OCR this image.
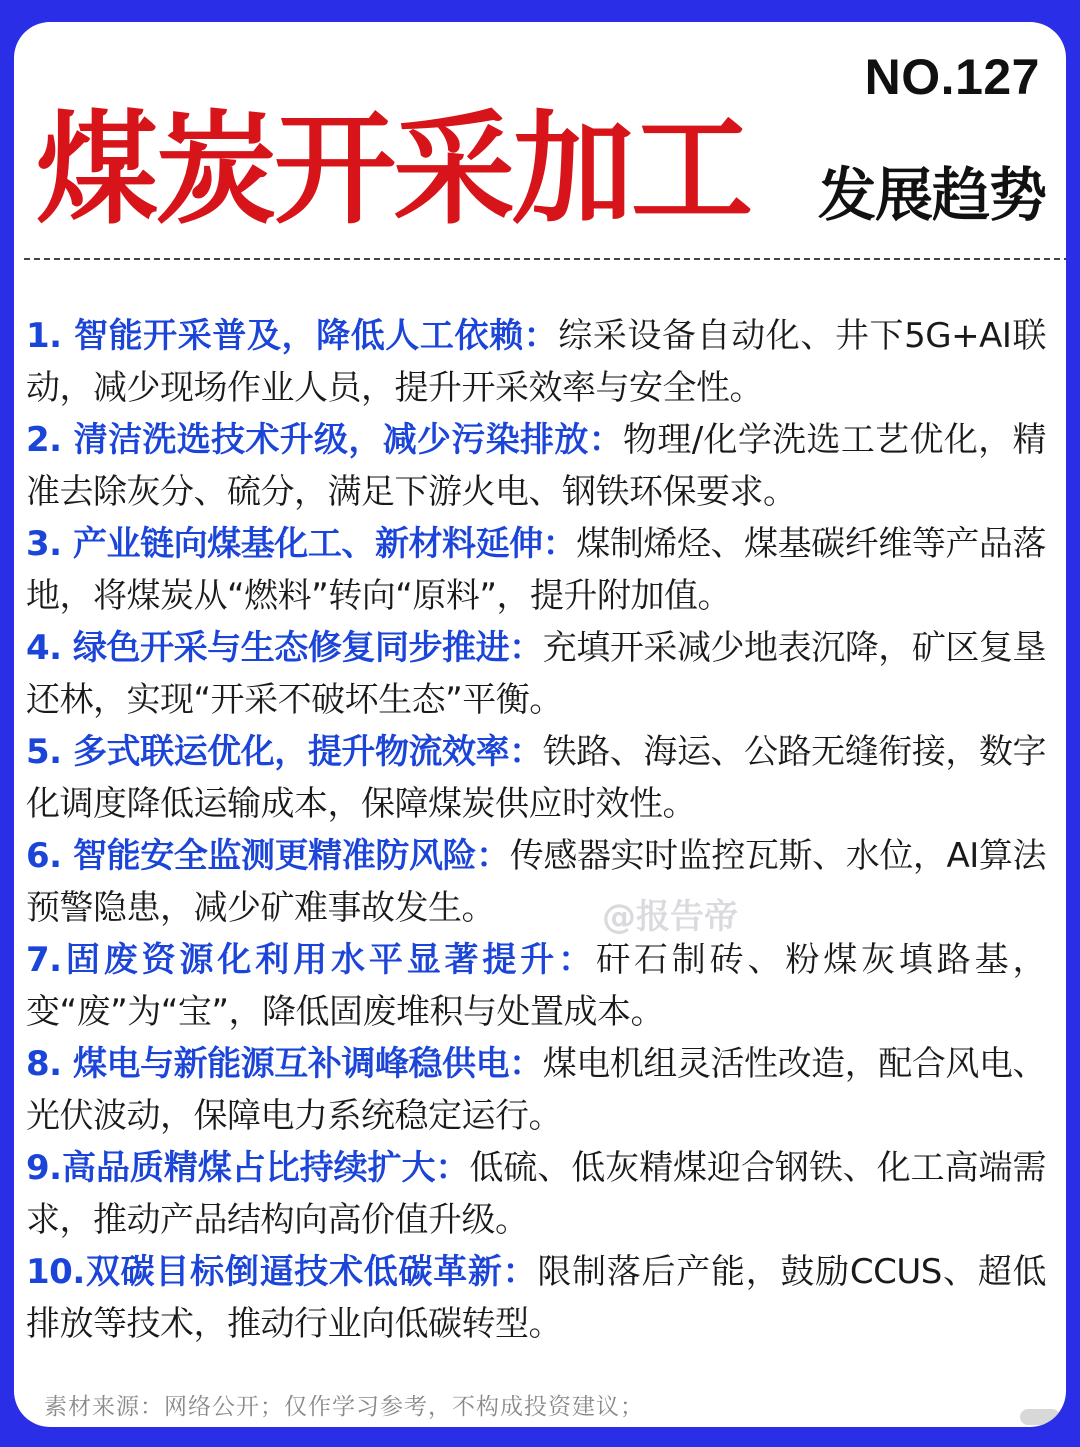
NO.127
煤炭开采加工 发展趋势
1. 智能开采普及，降低人工依赖：综采设备自动化、井下5G+AI联动，减少现场作业人员，提升开采效率与安全性。
2. 清洁洗选技术升级，减少污染排放：物理/化学洗选工艺优化，精准去除灰分、硫分，满足下游火电、钢铁环保要求。
3. 产业链向煤基化工、新材料延伸：煤制烯烃、煤基碳纤维等产品落地，将煤炭从“燃料”转向“原料”，提升附加值。
4. 绿色开采与生态修复同步推进：充填开采减少地表沉降，矿区复垦还林，实现“开采不破坏生态”平衡。
5. 多式联运优化，提升物流效率：铁路、海运、公路无缝衔接，数字化调度降低运输成本，保障煤炭供应时效性。
6. 智能安全监测更精准防风险：传感器实时监控瓦斯、水位，AI算法预警隐患，减少矿难事故发生。
7.固废资源化利用水平显著提升：矸石制砖、粉煤灰填路基，变“废”为“宝”，降低固废堆积与处置成本。
8. 煤电与新能源互补调峰稳供电：煤电机组灵活性改造，配合风电、光伏波动，保障电力系统稳定运行。
9.高品质精煤占比持续扩大：低硫、低灰精煤迎合钢铁、化工高端需求，推动产品结构向高价值升级。
10.双碳目标倒逼技术低碳革新：限制落后产能，鼓励CCUS、超低排放等技术，推动行业向低碳转型。
@报告帝
素材来源：网络公开；仅作学习参考，不构成投资建议；
